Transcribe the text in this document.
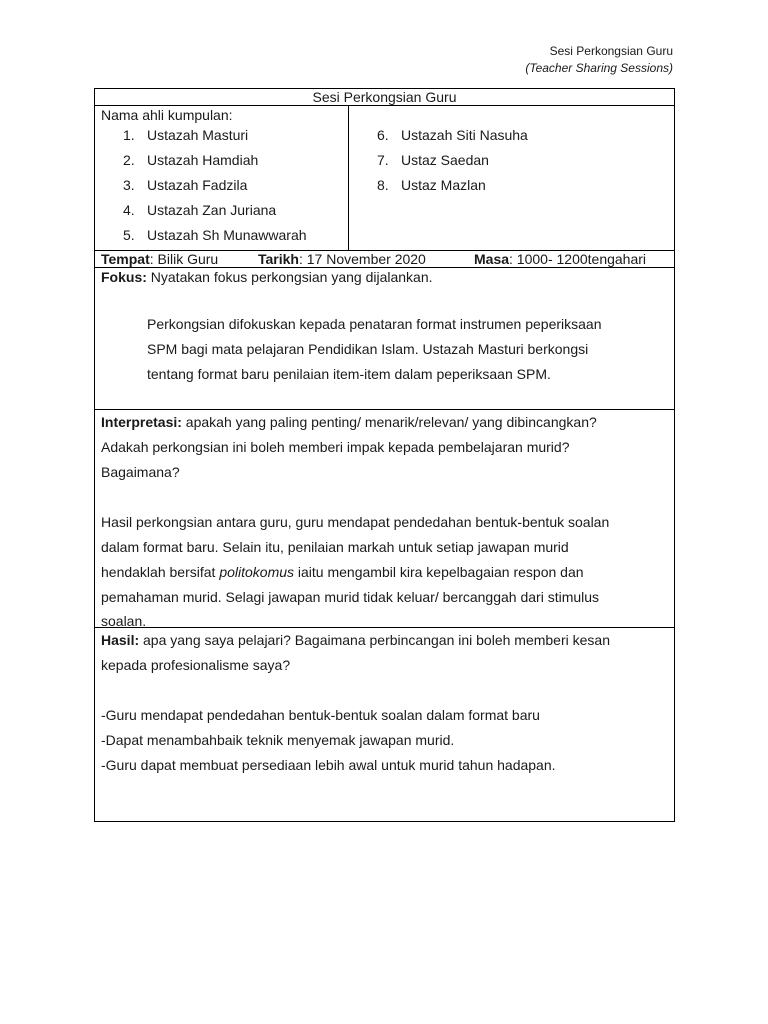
Sesi Perkongsian Guru
(Teacher Sharing Sessions)
Sesi Perkongsian Guru
Nama ahli kumpulan:
1. Ustazah Masturi
2. Ustazah Hamdiah
3. Ustazah Fadzila
4. Ustazah Zan Juriana
5. Ustazah Sh Munawwarah
6. Ustazah Siti Nasuha
7. Ustaz Saedan
8. Ustaz Mazlan
Tempat: Bilik Guru	Tarikh: 17 November 2020	Masa: 1000- 1200tengahari

Fokus: Nyatakan fokus perkongsian yang dijalankan.

Perkongsian difokuskan kepada penataran format instrumen peperiksaan

SPM bagi mata pelajaran Pendidikan Islam. Ustazah Masturi berkongsi

tentang format baru penilaian item-item dalam peperiksaan SPM.

Interpretasi: apakah yang paling penting/ menarik/relevan/ yang dibincangkan?

Adakah perkongsian ini boleh memberi impak kepada pembelajaran murid?

Bagaimana?

Hasil perkongsian antara guru, guru mendapat pendedahan bentuk-bentuk soalan

dalam format baru. Selain itu, penilaian markah untuk setiap jawapan murid

hendaklah bersifat politokomus iaitu mengambil kira kepelbagaian respon dan

pemahaman murid. Selagi jawapan murid tidak keluar/ bercanggah dari stimulus

soalan.

Hasil: apa yang saya pelajari? Bagaimana perbincangan ini boleh memberi kesan

kepada profesionalisme saya?

-Guru mendapat pendedahan bentuk-bentuk soalan dalam format baru

-Dapat menambahbaik teknik menyemak jawapan murid.

-Guru dapat membuat persediaan lebih awal untuk murid tahun hadapan.
